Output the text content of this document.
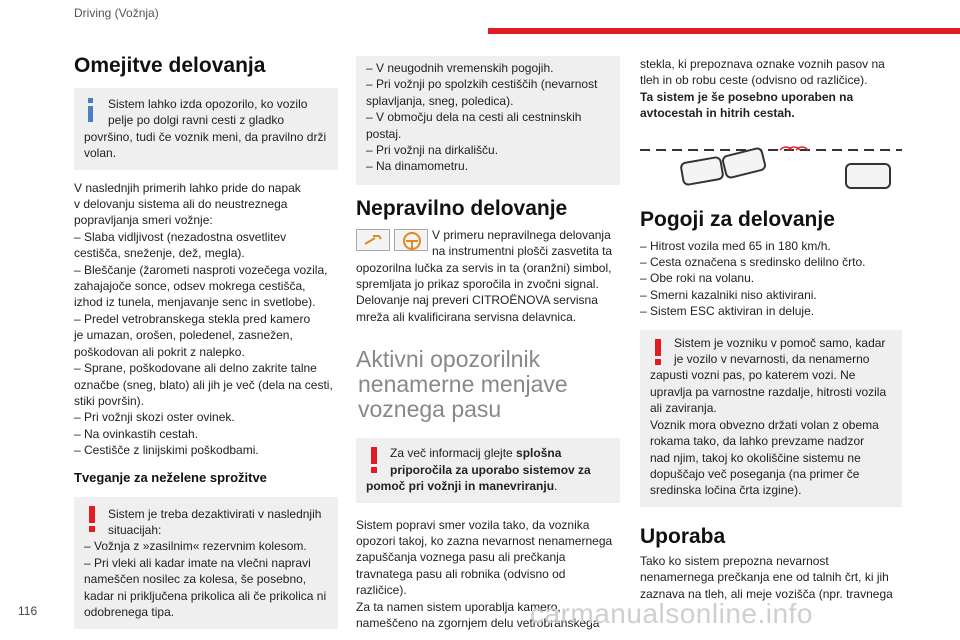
Driving (Vožnja)
Omejitve delovanja

Sistem lahko izda opozorilo, ko vozilo

pelje po dolgi ravni cesti z gladko

površino, tudi če voznik meni, da pravilno drži

volan.

V naslednjih primerih lahko pride do napak

v delovanju sistema ali do neustreznega

popravljanja smeri vožnje:

– Slaba vidljivost (nezadostna osvetlitev

cestišča, sneženje, dež, megla).

– Bleščanje (žarometi nasproti vozečega vozila,

zahajajoče sonce, odsev mokrega cestišča,

izhod iz tunela, menjavanje senc in svetlobe).

– Predel vetrobranskega stekla pred kamero

je umazan, orošen, poledenel, zasnežen,

poškodovan ali pokrit z nalepko.

– Sprane, poškodovane ali delno zakrite talne

označbe (sneg, blato) ali jih je več (dela na cesti,

stiki površin).

– Pri vožnji skozi oster ovinek.

– Na ovinkastih cestah.

– Cestišče z linijskimi poškodbami.

Tveganje za neželene sprožitve

Sistem je treba dezaktivirati v naslednjih

situacijah:

– Vožnja z »zasilnim« rezervnim kolesom.

– Pri vleki ali kadar imate na vlečni napravi

nameščen nosilec za kolesa, še posebno,

kadar ni priključena prikolica ali če prikolica ni

odobrenega tipa.

– V neugodnih vremenskih pogojih.

– Pri vožnji po spolzkih cestiščih (nevarnost

splavljanja, sneg, poledica).

– V območju dela na cesti ali cestninskih

postaj.

– Pri vožnji na dirkališču.

– Na dinamometru.

Nepravilno delovanje

V primeru nepravilnega delovanja

na instrumentni plošči zasvetita ta

opozorilna lučka za servis in ta (oranžni) simbol,

spremljata jo prikaz sporočila in zvočni signal.

Delovanje naj preveri CITROËNOVA servisna

mreža ali kvalificirana servisna delavnica.

Aktivni opozorilnik

nenamerne menjave

voznega pasu

Za več informacij glejte splošna

priporočila za uporabo sistemov za

pomoč pri vožnji in manevriranju.

Sistem popravi smer vozila tako, da voznika

opozori takoj, ko zazna nevarnost nenamernega

zapuščanja voznega pasu ali prečkanja

travnatega pasu ali robnika (odvisno od

različice).

Za ta namen sistem uporablja kamero,

nameščeno na zgornjem delu vetrobranskega

stekla, ki prepoznava oznake voznih pasov na

tleh in ob robu ceste (odvisno od različice).

Ta sistem je še posebno uporaben na

avtocestah in hitrih cestah.

Pogoji za delovanje

– Hitrost vozila med 65 in 180 km/h.

– Cesta označena s sredinsko delilno črto.

– Obe roki na volanu.

– Smerni kazalniki niso aktivirani.

– Sistem ESC aktiviran in deluje.

Sistem je vozniku v pomoč samo, kadar

je vozilo v nevarnosti, da nenamerno

zapusti vozni pas, po katerem vozi. Ne

upravlja pa varnostne razdalje, hitrosti vozila

ali zaviranja.

Voznik mora obvezno držati volan z obema

rokama tako, da lahko prevzame nadzor

nad njim, takoj ko okoliščine sistemu ne

dopuščajo več poseganja (na primer če

sredinska ločina črta izgine).

Uporaba

Tako ko sistem prepozna nevarnost

nenamernega prečkanja ene od talnih črt, ki jih

zaznava na tleh, ali meje vozišča (npr. travnega

116	carmanualsonline.info
